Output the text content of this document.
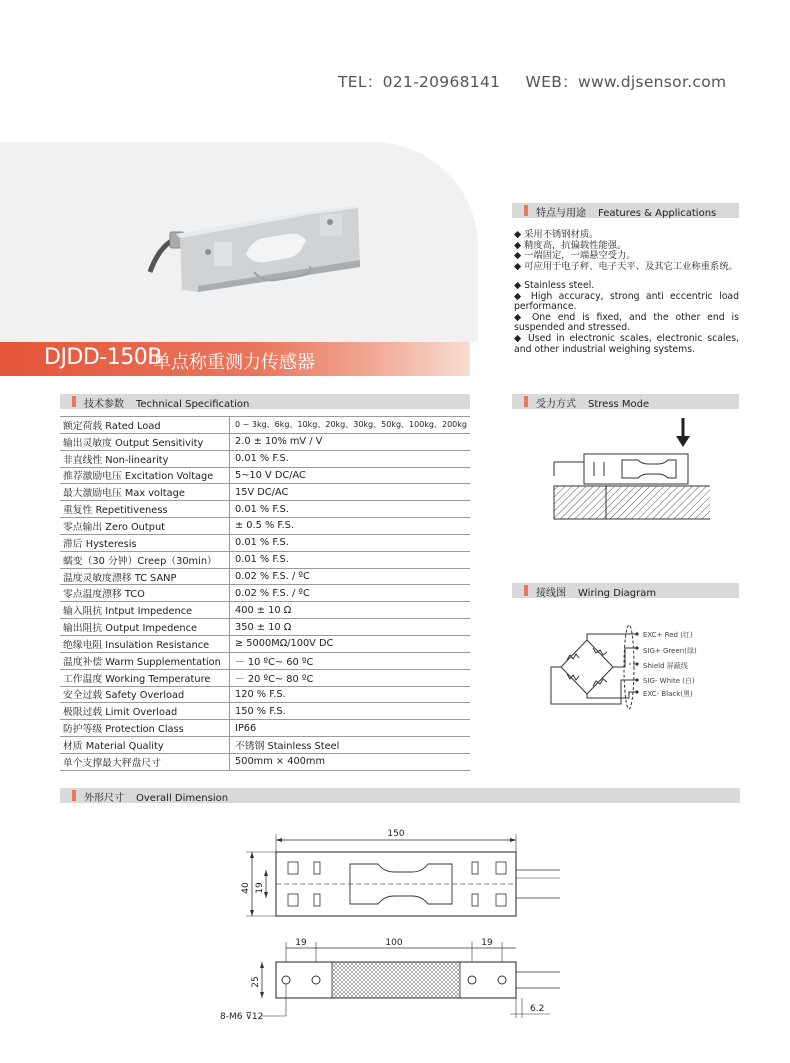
TEL：021-20968141 WEB：www.djsensor.com
DJDD-150B
单点称重测力传感器
特点与用途 Features & Applications
◆ 采用不锈钢材质。
◆ 精度高，抗偏载性能强。
◆ 一端固定，一端悬空受力。
◆ 可应用于电子秤、电子天平、及其它工业称重系统。
◆ Stainless steel.
◆ High accuracy, strong anti eccentric load performance.
◆ One end is fixed, and the other end is suspended and stressed.
◆ Used in electronic scales, electronic scales, and other industrial weighing systems.
受力方式 Stress Mode
接线图 Wiring Diagram
EXC+ Red (红)
SIG+ Green(绿)
Shield 屏蔽线
SIG- White (白)
EXC- Black(黑)
技术参数 Technical Specification
额定荷载 Rated Load	0 ~ 3kg、6kg、10kg、20kg、30kg、50kg、100kg、200kg
输出灵敏度 Output Sensitivity	2.0 ± 10% mV / V
非直线性 Non-linearity	0.01 % F.S.
推荐激励电压 Excitation Voltage	5~10 V DC/AC
最大激励电压 Max voltage	15V DC/AC
重复性 Repetitiveness	0.01 % F.S.
零点输出 Zero Output	± 0.5 % F.S.
滞后 Hysteresis	0.01 % F.S.
蠕变（30 分钟）Creep（30min）	0.01 % F.S.
温度灵敏度漂移 TC SANP	0.02 % F.S. / ºC
零点温度漂移 TCO	0.02 % F.S. / ºC
输入阻抗 Intput Impedence	400 ± 10 Ω
输出阻抗 Output Impedence	350 ± 10 Ω
绝缘电阻 Insulation Resistance	≥ 5000MΩ/100V DC
温度补偿 Warm Supplementation	－ 10 ºC~ 60 ºC
工作温度 Working Temperature	－ 20 ºC~ 80 ºC
安全过载 Safety Overload	120 % F.S.
极限过载 Limit Overload	150 % F.S.
防护等级 Protection Class	IP66
材质 Material Quality	不锈钢 Stainless Steel
单个支撑最大秤盘尺寸	500mm × 400mm
外形尺寸 Overall Dimension
150
40 19
19	100	19
25
8-M6 ⊽12
6.2
